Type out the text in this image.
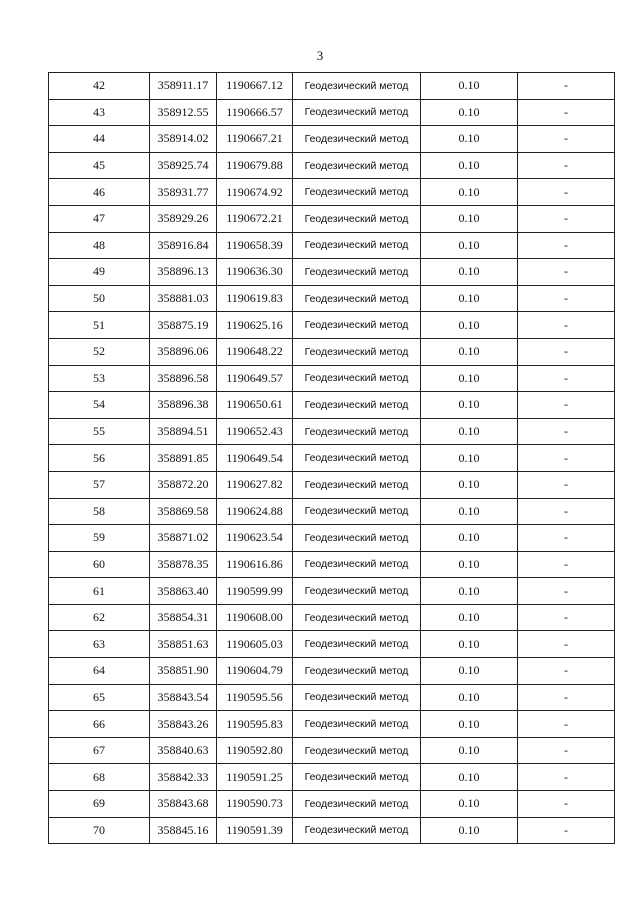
3
42	358911.17	1190667.12	Геодезический метод	0.10	-
43	358912.55	1190666.57	Геодезический метод	0.10	-
44	358914.02	1190667.21	Геодезический метод	0.10	-
45	358925.74	1190679.88	Геодезический метод	0.10	-
46	358931.77	1190674.92	Геодезический метод	0.10	-
47	358929.26	1190672.21	Геодезический метод	0.10	-
48	358916.84	1190658.39	Геодезический метод	0.10	-
49	358896.13	1190636.30	Геодезический метод	0.10	-
50	358881.03	1190619.83	Геодезический метод	0.10	-
51	358875.19	1190625.16	Геодезический метод	0.10	-
52	358896.06	1190648.22	Геодезический метод	0.10	-
53	358896.58	1190649.57	Геодезический метод	0.10	-
54	358896.38	1190650.61	Геодезический метод	0.10	-
55	358894.51	1190652.43	Геодезический метод	0.10	-
56	358891.85	1190649.54	Геодезический метод	0.10	-
57	358872.20	1190627.82	Геодезический метод	0.10	-
58	358869.58	1190624.88	Геодезический метод	0.10	-
59	358871.02	1190623.54	Геодезический метод	0.10	-
60	358878.35	1190616.86	Геодезический метод	0.10	-
61	358863.40	1190599.99	Геодезический метод	0.10	-
62	358854.31	1190608.00	Геодезический метод	0.10	-
63	358851.63	1190605.03	Геодезический метод	0.10	-
64	358851.90	1190604.79	Геодезический метод	0.10	-
65	358843.54	1190595.56	Геодезический метод	0.10	-
66	358843.26	1190595.83	Геодезический метод	0.10	-
67	358840.63	1190592.80	Геодезический метод	0.10	-
68	358842.33	1190591.25	Геодезический метод	0.10	-
69	358843.68	1190590.73	Геодезический метод	0.10	-
70	358845.16	1190591.39	Геодезический метод	0.10	-
